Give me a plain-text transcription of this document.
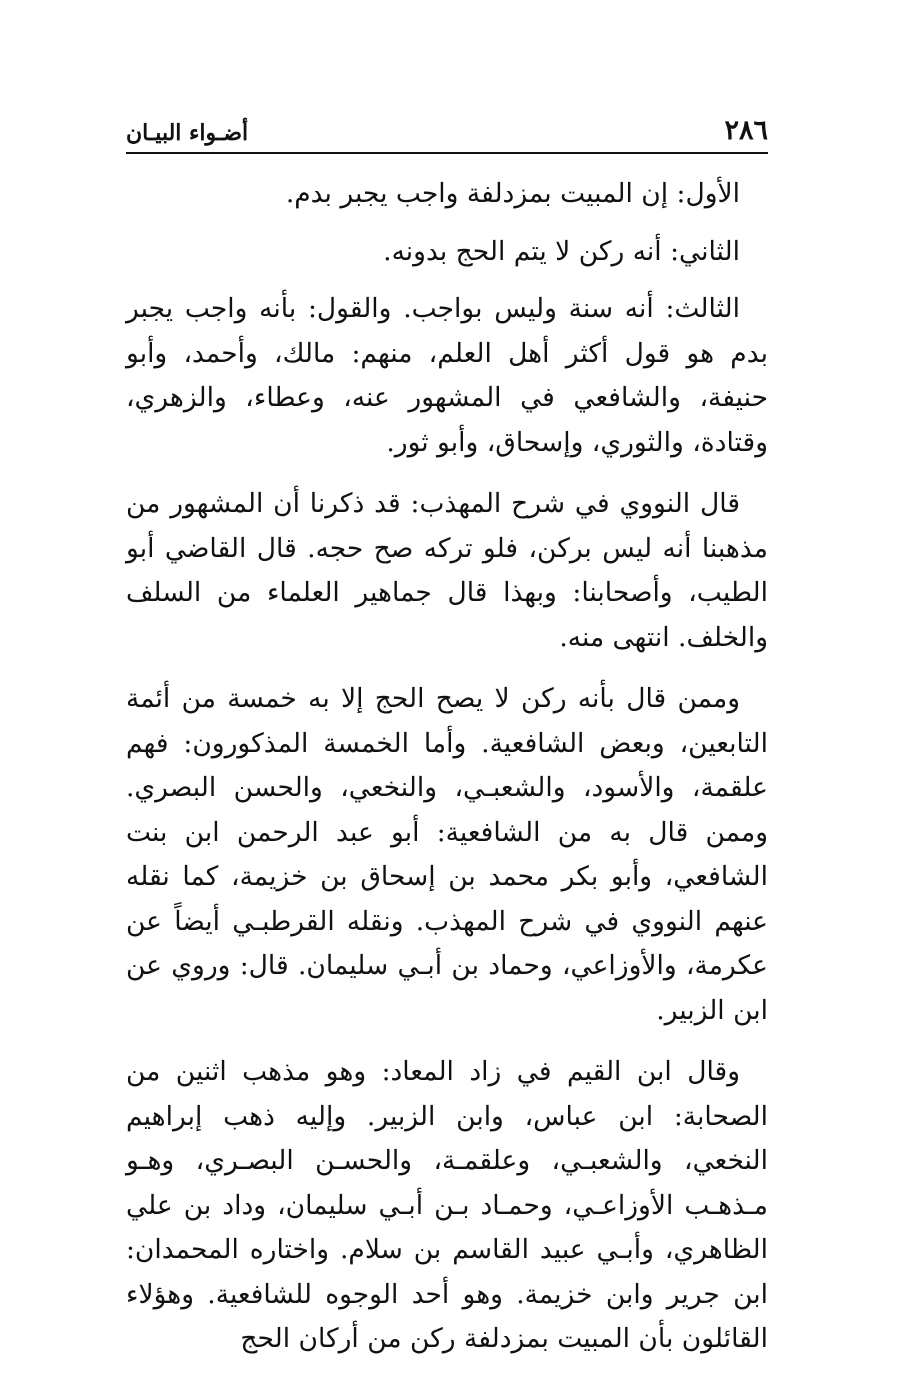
٢٨٦
أضـواء البيـان

الأول: إن المبيت بمزدلفة واجب يجبر بدم.

الثاني: أنه ركن لا يتم الحج بدونه.

الثالث: أنه سنة وليس بواجب. والقول: بأنه واجب يجبر بدم هو قول أكثر أهل العلم، منهم: مالك، وأحمد، وأبو حنيفة، والشافعي في المشهور عنه، وعطاء، والزهري، وقتادة، والثوري، وإسحاق، وأبو ثور.

قال النووي في شرح المهذب: قد ذكرنا أن المشهور من مذهبنا أنه ليس بركن، فلو تركه صح حجه. قال القاضي أبو الطيب، وأصحابنا: وبهذا قال جماهير العلماء من السلف والخلف. انتهى منه.

وممن قال بأنه ركن لا يصح الحج إلا به خمسة من أئمة التابعين، وبعض الشافعية. وأما الخمسة المذكورون: فهم علقمة، والأسود، والشعبـي، والنخعي، والحسن البصري. وممن قال به من الشافعية: أبو عبد الرحمن ابن بنت الشافعي، وأبو بكر محمد بن إسحاق بن خزيمة، كما نقله عنهم النووي في شرح المهذب. ونقله القرطبـي أيضاً عن عكرمة، والأوزاعي، وحماد بن أبـي سليمان. قال: وروي عن ابن الزبير.

وقال ابن القيم في زاد المعاد: وهو مذهب اثنين من الصحابة: ابن عباس، وابن الزبير. وإليه ذهب إبراهيم النخعي، والشعبـي، وعلقمـة، والحسـن البصـري، وهـو مـذهـب الأوزاعـي، وحمـاد بـن أبـي سليمان، وداد بن علي الظاهري، وأبـي عبيد القاسم بن سلام. واختاره المحمدان: ابن جرير وابن خزيمة. وهو أحد الوجوه للشافعية. وهؤلاء القائلون بأن المبيت بمزدلفة ركن من أركان الحج
